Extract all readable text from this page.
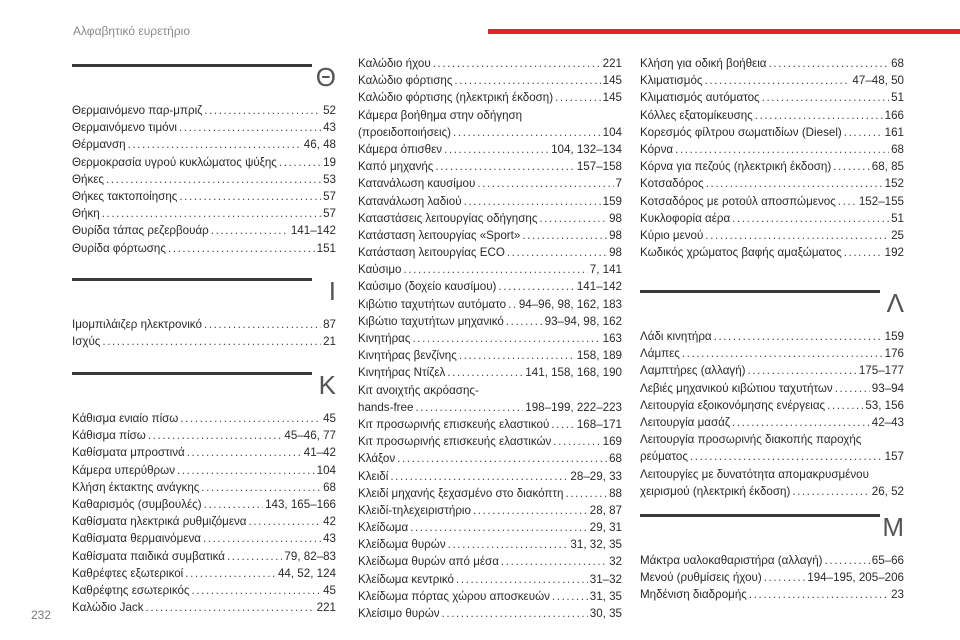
Αλφαβητικό ευρετήριο
Θ
Θερμαινόμενο παρ-μπριζ .....	52
Θερμαινόμενο τιμόνι .....	43
Θέρμανση .....	46, 48
Θερμοκρασία υγρού κυκλώματος ψύξης .....	19
Θήκες .....	53
Θήκες τακτοποίησης .....	57
Θήκη .....	57
Θυρίδα τάπας ρεζερβουάρ .....	141–142
Θυρίδα φόρτωσης .....	151
Ι
Ιμομπιλάιζερ ηλεκτρονικό .....	87
Ισχύς .....	21
Κ
Κάθισμα ενιαίο πίσω .....	45
Κάθισμα πίσω .....	45–46, 77
Καθίσματα μπροστινά .....	41–42
Κάμερα υπερύθρων .....	104
Κλήση έκτακτης ανάγκης .....	68
Καθαρισμός (συμβουλές) .....	143, 165–166
Καθίσματα ηλεκτρικά ρυθμιζόμενα .....	42
Καθίσματα θερμαινόμενα .....	43
Καθίσματα παιδικά συμβατικά .....	79, 82–83
Καθρέφτες εξωτερικοί .....	44, 52, 124
Καθρέφτης εσωτερικός .....	45
Καλώδιο Jack .....	221
Καλώδιο ήχου .....	221
Καλώδιο φόρτισης .....	145
Καλώδιο φόρτισης (ηλεκτρική έκδοση) .....	145
Κάμερα βοήθημα στην οδήγηση
(προειδοποιήσεις) .....	104
Κάμερα όπισθεν .....	104, 132–134
Καπό μηχανής .....	157–158
Κατανάλωση καυσίμου .....	7
Κατανάλωση λαδιού .....	159
Καταστάσεις λειτουργίας οδήγησης .....	98
Κατάσταση λειτουργίας «Sport» .....	98
Κατάσταση λειτουργίας ECO .....	98
Καύσιμο .....	7, 141
Καύσιμο (δοχείο καυσίμου) .....	141–142
Κιβώτιο ταχυτήτων αυτόματο ..... 94–96, 98, 162, 183
Κιβώτιο ταχυτήτων μηχανικό .....	93–94, 98, 162
Κινητήρας .....	163
Κινητήρας βενζίνης .....	158, 189
Κινητήρας Ντίζελ .....	141, 158, 168, 190
Κιτ ανοιχτής ακρόασης-
hands-free .....	198–199, 222–223
Κιτ προσωρινής επισκευής ελαστικού ..... 168–171
Κιτ προσωρινής επισκευής ελαστικών .....	169
Κλάξον .....	68
Κλειδί .....	28–29, 33
Κλειδί μηχανής ξεχασμένο στο διακόπτη .....	88
Κλειδί-τηλεχειριστήριο .....	28, 87
Κλείδωμα .....	29, 31
Κλείδωμα θυρών .....	31, 32, 35
Κλείδωμα θυρών από μέσα .....	32
Κλείδωμα κεντρικό .....	31–32
Κλείδωμα πόρτας χώρου αποσκευών .....	31, 35
Κλείσιμο θυρών .....	30, 35
Κλήση για οδική βοήθεια .....	68
Κλιματισμός .....	47–48, 50
Κλιματισμός αυτόματος .....	51
Κόλλες εξατομίκευσης .....	166
Κορεσμός φίλτρου σωματιδίων (Diesel) .....	161
Κόρνα .....	68
Κόρνα για πεζούς (ηλεκτρική έκδοση) .....	68, 85
Κοτσαδόρος .....	152
Κοτσαδόρος με ροτούλ αποσπώμενος ..... 152–155
Κυκλοφορία αέρα .....	51
Κύριο μενού .....	25
Κωδικός χρώματος βαφής αμαξώματος .....	192
Λ
Λάδι κινητήρα .....	159
Λάμπες .....	176
Λαμπτήρες (αλλαγή) .....	175–177
Λεβιές μηχανικού κιβώτιου ταχυτήτων .....	93–94
Λειτουργία εξοικονόμησης ενέργειας .....	53, 156
Λειτουργία μασάζ .....	42–43
Λειτουργία προσωρινής διακοπής παροχής
ρεύματος .....	157
Λειτουργίες με δυνατότητα απομακρυσμένου
χειρισμού (ηλεκτρική έκδοση) .....	26, 52
Μ
Μάκτρα υαλοκαθαριστήρα (αλλαγή) .....	65–66
Μενού (ρυθμίσεις ήχου) .....	194–195, 205–206
Μηδένιση διαδρομής .....	23
232
